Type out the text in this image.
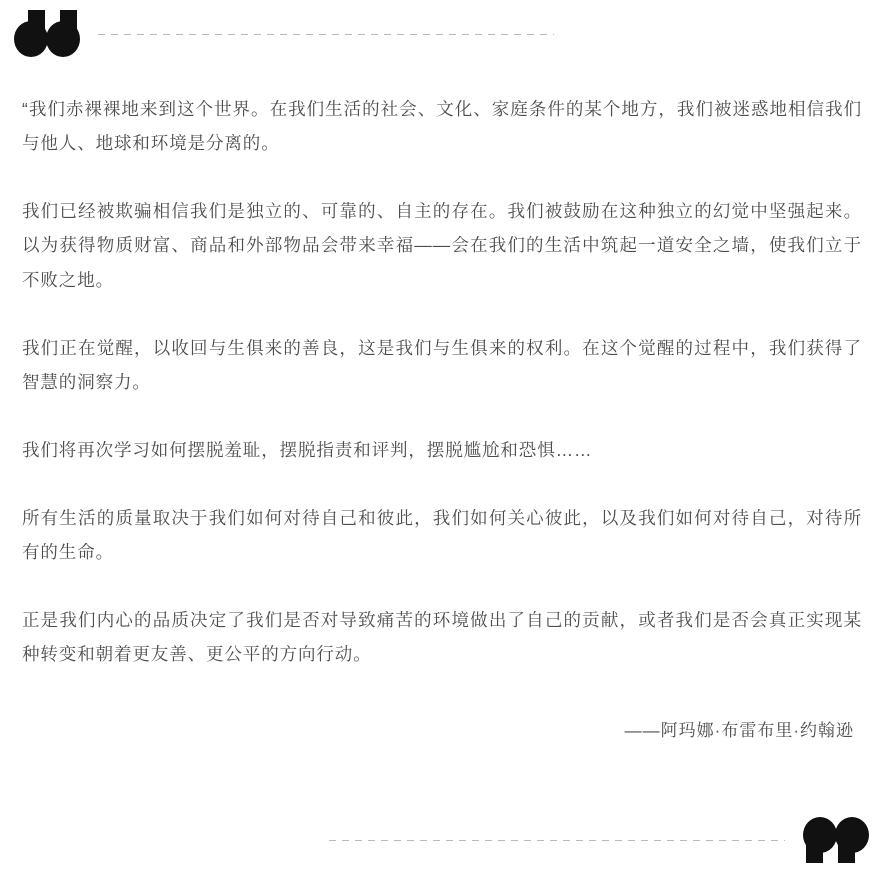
“我们赤裸裸地来到这个世界。在我们生活的社会、文化、家庭条件的某个地方，我们被迷惑地相信我们与他人、地球和环境是分离的。

我们已经被欺骗相信我们是独立的、可靠的、自主的存在。我们被鼓励在这种独立的幻觉中坚强起来。以为获得物质财富、商品和外部物品会带来幸福——会在我们的生活中筑起一道安全之墙，使我们立于不败之地。

我们正在觉醒，以收回与生俱来的善良，这是我们与生俱来的权利。在这个觉醒的过程中，我们获得了智慧的洞察力。

我们将再次学习如何摆脱羞耻，摆脱指责和评判，摆脱尴尬和恐惧……

所有生活的质量取决于我们如何对待自己和彼此，我们如何关心彼此，以及我们如何对待自己，对待所有的生命。

正是我们内心的品质决定了我们是否对导致痛苦的环境做出了自己的贡献，或者我们是否会真正实现某种转变和朝着更友善、更公平的方向行动。

——阿玛娜·布雷布里·约翰逊
